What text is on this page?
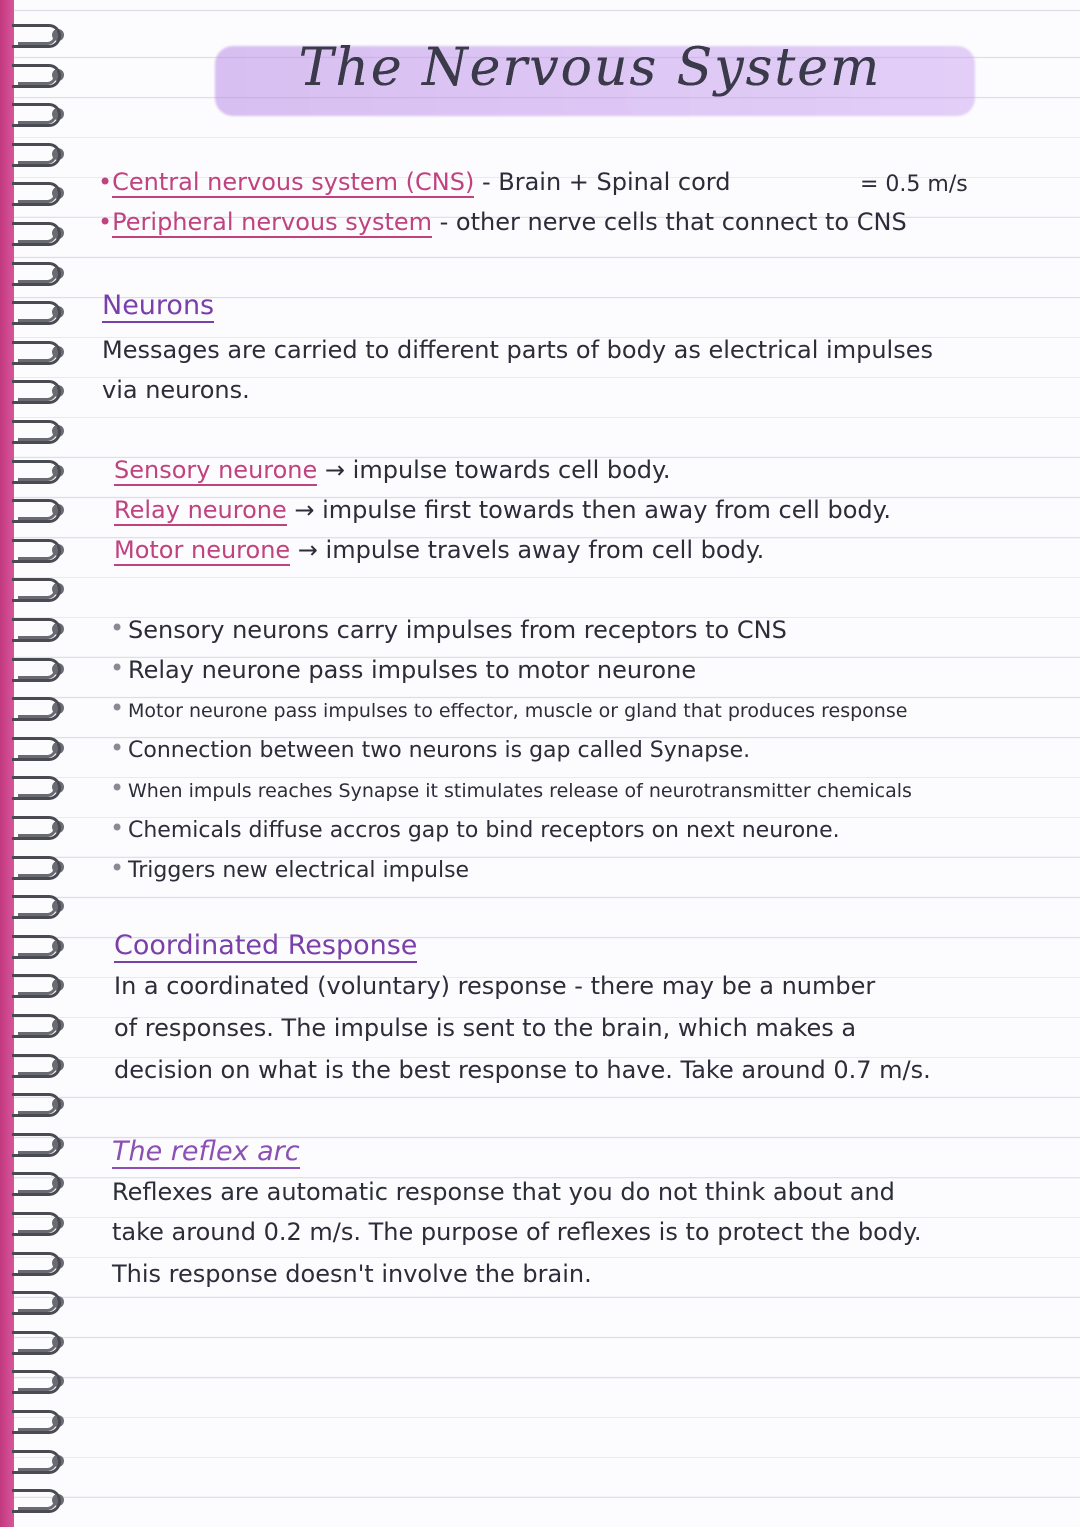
The Nervous System
•Central nervous system (CNS) - Brain + Spinal cord	= 0.5 m/s
•Peripheral nervous system - other nerve cells that connect to CNS
Neurons
Messages are carried to different parts of body as electrical impulses
via neurons.
Sensory neurone → impulse towards cell body.
Relay neurone → impulse first towards then away from cell body.
Motor neurone → impulse travels away from cell body.
• Sensory neurons carry impulses from receptors to CNS
• Relay neurone pass impulses to motor neurone
• Motor neurone pass impulses to effector, muscle or gland that produces response
• Connection between two neurons is gap called Synapse.
• When impuls reaches Synapse it stimulates release of neurotransmitter chemicals
• Chemicals diffuse accros gap to bind receptors on next neurone.
• Triggers new electrical impulse
Coordinated Response
In a coordinated (voluntary) response - there may be a number
of responses. The impulse is sent to the brain, which makes a
decision on what is the best response to have. Take around 0.7 m/s.
The reflex arc
Reflexes are automatic response that you do not think about and
take around 0.2 m/s. The purpose of reflexes is to protect the body.
This response doesn't involve the brain.
